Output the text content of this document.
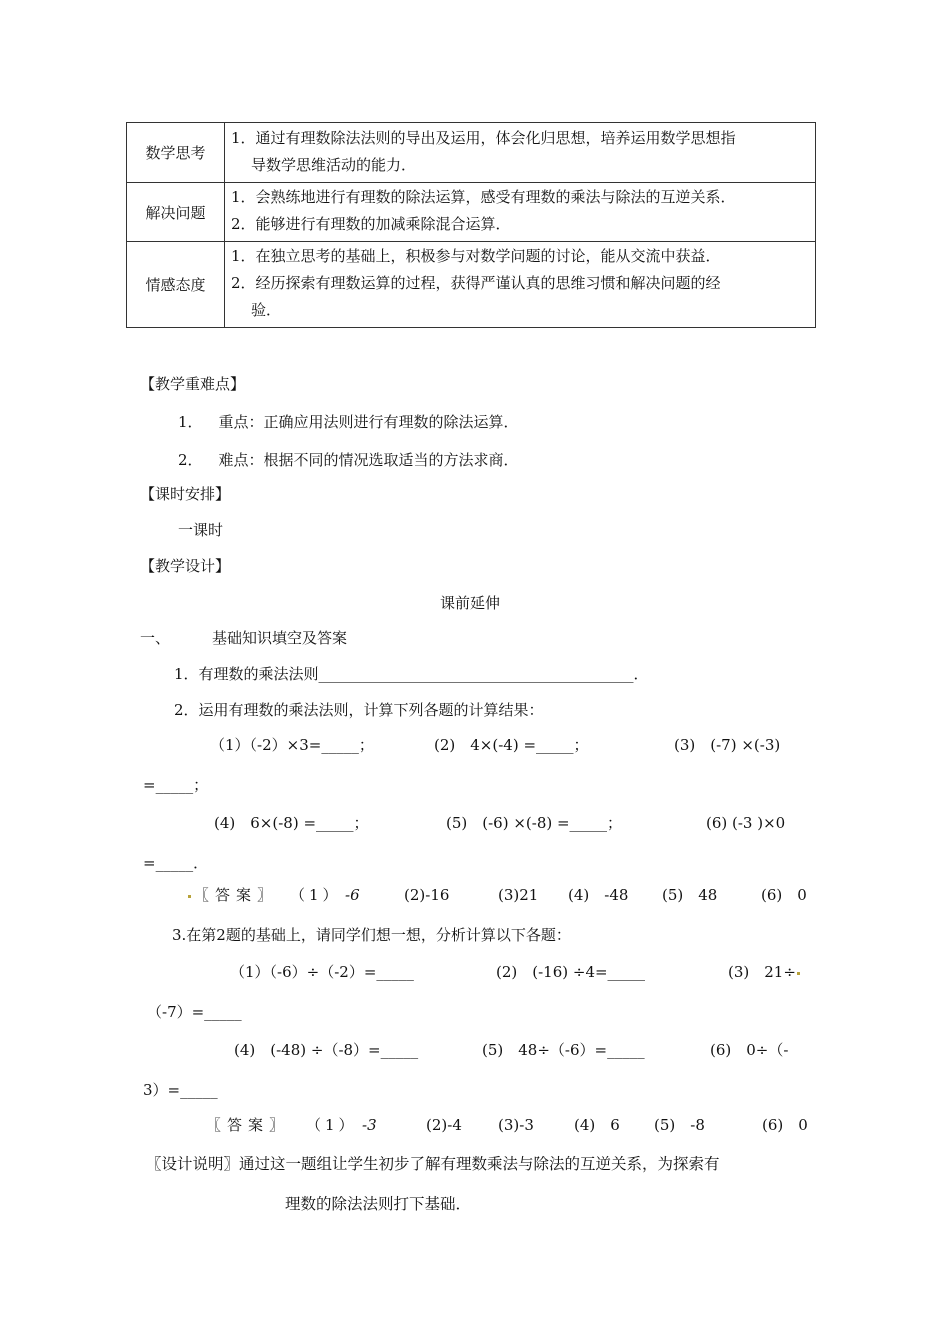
数学思考	1．通过有理数除法法则的导出及运用，体会化归思想，培养运用数学思想指
导数学思维活动的能力．

解决问题	1．会熟练地进行有理数的除法运算，感受有理数的乘法与除法的互逆关系．
2．能够进行有理数的加减乘除混合运算．

情感态度	1．在独立思考的基础上，积极参与对数学问题的讨论，能从交流中获益．
2．经历探索有理数运算的过程，获得严谨认真的思维习惯和解决问题的经
验．
【教学重难点】
1． 重点：正确应用法则进行有理数的除法运算．
2． 难点：根据不同的情况选取适当的方法求商．
【课时安排】
一课时
【教学设计】
课前延伸
一、	基础知识填空及答案
1．有理数的乘法法则__________________________________________．
2．运用有理数的乘法法则，计算下列各题的计算结果：
（1）（-2）×3=_____；	(2)　4×(-4) =_____；	(3)　(-7) ×(-3)
=_____；
(4)　6×(-8) =_____；	(5)　(-6) ×(-8) =_____；	(6) (-3 )×0
=_____．
〖答案〗 （1） -6	(2)-16	(3)21 (4)　-48 (5)　48	(6)　0
3.在第2题的基础上，请同学们想一想，分析计算以下各题：
（1）（-6）÷（-2）=_____	(2)　(-16) ÷4=_____	(3)　21÷
（-7）=_____
(4)　(-48) ÷（-8）=_____	(5)　48÷（-6）=_____	(6)　0÷（-
3）=_____
〖答案〗 （1） -3	(2)-4 (3)-3	(4)　6 (5)　-8	(6)　0
〖设计说明〗通过这一题组让学生初步了解有理数乘法与除法的互逆关系，为探索有
理数的除法法则打下基础．
